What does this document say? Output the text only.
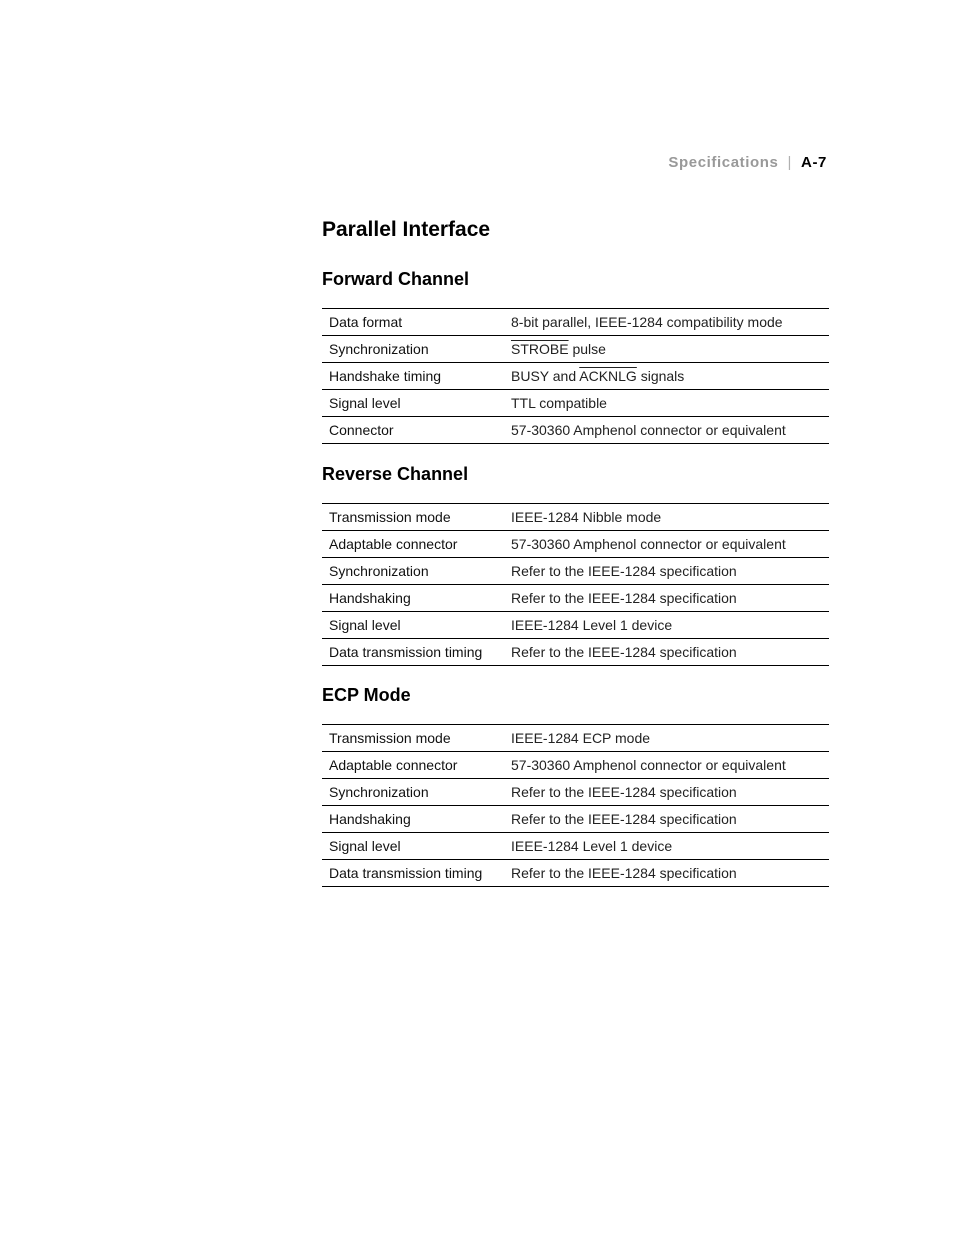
Specifications | A-7
Parallel Interface
Forward Channel
Data format	8-bit parallel, IEEE-1284 compatibility mode
Synchronization	STROBE pulse
Handshake timing	BUSY and ACKNLG signals
Signal level	TTL compatible
Connector	57-30360 Amphenol connector or equivalent
Reverse Channel
Transmission mode	IEEE-1284 Nibble mode
Adaptable connector	57-30360 Amphenol connector or equivalent
Synchronization	Refer to the IEEE-1284 specification
Handshaking	Refer to the IEEE-1284 specification
Signal level	IEEE-1284 Level 1 device
Data transmission timing	Refer to the IEEE-1284 specification
ECP Mode
Transmission mode	IEEE-1284 ECP mode
Adaptable connector	57-30360 Amphenol connector or equivalent
Synchronization	Refer to the IEEE-1284 specification
Handshaking	Refer to the IEEE-1284 specification
Signal level	IEEE-1284 Level 1 device
Data transmission timing	Refer to the IEEE-1284 specification
